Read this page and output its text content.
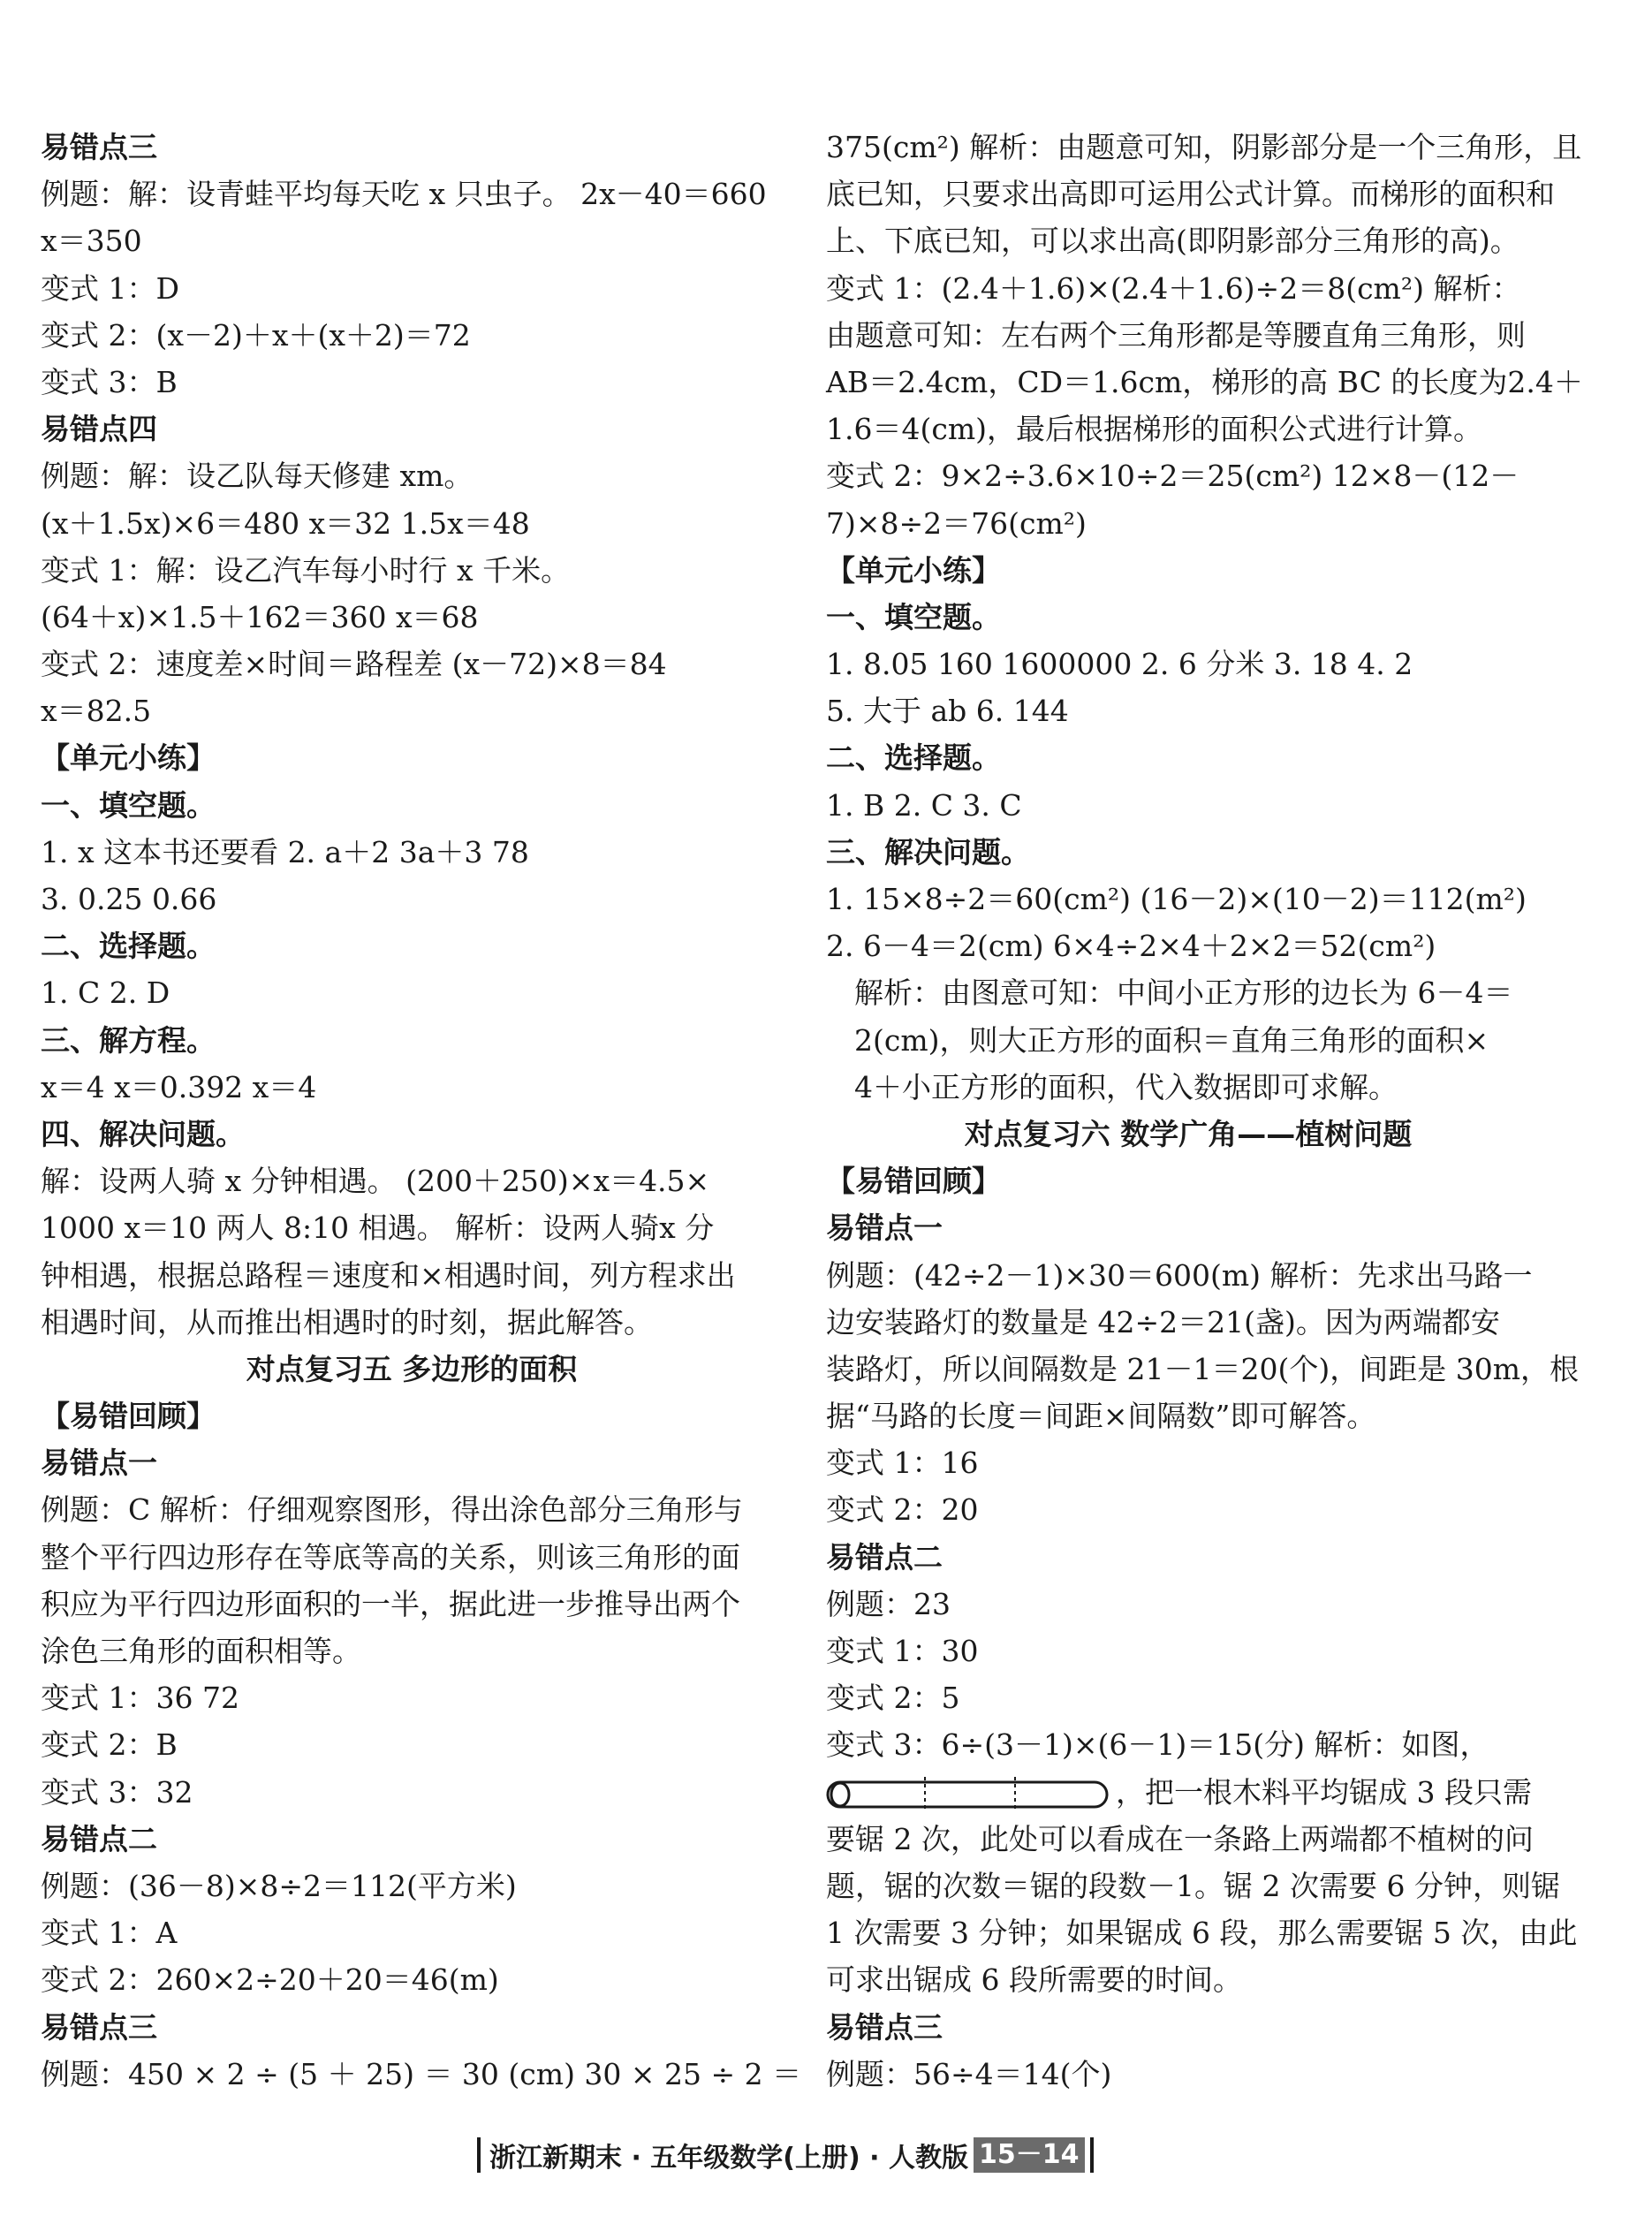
易错点三
例题：解：设青蛙平均每天吃 x 只虫子。 2x－40＝660
x＝350
变式 1：D
变式 2：(x－2)＋x＋(x＋2)＝72
变式 3：B
易错点四
例题：解：设乙队每天修建 xm。
(x＋1.5x)×6＝480 x＝32 1.5x＝48
变式 1：解：设乙汽车每小时行 x 千米。
(64＋x)×1.5＋162＝360 x＝68
变式 2：速度差×时间＝路程差 (x－72)×8＝84
x＝82.5
【单元小练】
一、填空题。
1. x 这本书还要看 2. a＋2 3a＋3 78
3. 0.25 0.66
二、选择题。
1. C 2. D
三、解方程。
x＝4 x＝0.392 x＝4
四、解决问题。
解：设两人骑 x 分钟相遇。 (200＋250)×x＝4.5×
1000 x＝10 两人 8:10 相遇。 解析：设两人骑x 分
钟相遇，根据总路程＝速度和×相遇时间，列方程求出
相遇时间，从而推出相遇时的时刻，据此解答。
对点复习五 多边形的面积
【易错回顾】
易错点一
例题：C 解析：仔细观察图形，得出涂色部分三角形与
整个平行四边形存在等底等高的关系，则该三角形的面
积应为平行四边形面积的一半，据此进一步推导出两个
涂色三角形的面积相等。
变式 1：36 72
变式 2：B
变式 3：32
易错点二
例题：(36－8)×8÷2＝112(平方米)
变式 1：A
变式 2：260×2÷20＋20＝46(m)
易错点三
例题：450 × 2 ÷ (5 ＋ 25) ＝ 30 (cm) 30 × 25 ÷ 2 ＝
375(cm²) 解析：由题意可知，阴影部分是一个三角形，且
底已知，只要求出高即可运用公式计算。而梯形的面积和
上、下底已知，可以求出高(即阴影部分三角形的高)。
变式 1：(2.4＋1.6)×(2.4＋1.6)÷2＝8(cm²) 解析：
由题意可知：左右两个三角形都是等腰直角三角形，则
AB＝2.4cm，CD＝1.6cm，梯形的高 BC 的长度为2.4＋
1.6＝4(cm)，最后根据梯形的面积公式进行计算。
变式 2：9×2÷3.6×10÷2＝25(cm²) 12×8－(12－
7)×8÷2＝76(cm²)
【单元小练】
一、填空题。
1. 8.05 160 1600000 2. 6 分米 3. 18 4. 2
5. 大于 ab 6. 144
二、选择题。
1. B 2. C 3. C
三、解决问题。
1. 15×8÷2＝60(cm²) (16－2)×(10－2)＝112(m²)
2. 6－4＝2(cm) 6×4÷2×4＋2×2＝52(cm²)
解析：由图意可知：中间小正方形的边长为 6－4＝
2(cm)，则大正方形的面积＝直角三角形的面积×
4＋小正方形的面积，代入数据即可求解。
对点复习六 数学广角——植树问题
【易错回顾】
易错点一
例题：(42÷2－1)×30＝600(m) 解析：先求出马路一
边安装路灯的数量是 42÷2＝21(盏)。因为两端都安
装路灯，所以间隔数是 21－1＝20(个)，间距是 30m，根
据“马路的长度＝间距×间隔数”即可解答。
变式 1：16
变式 2：20
易错点二
例题：23
变式 1：30
变式 2：5
变式 3：6÷(3－1)×(6－1)＝15(分) 解析：如图，
，把一根木料平均锯成 3 段只需
要锯 2 次，此处可以看成在一条路上两端都不植树的问
题，锯的次数＝锯的段数－1。锯 2 次需要 6 分钟，则锯
1 次需要 3 分钟；如果锯成 6 段，那么需要锯 5 次，由此
可求出锯成 6 段所需要的时间。
易错点三
例题：56÷4＝14(个)
浙江新期末 · 五年级数学(上册) · 人教版 15－14
